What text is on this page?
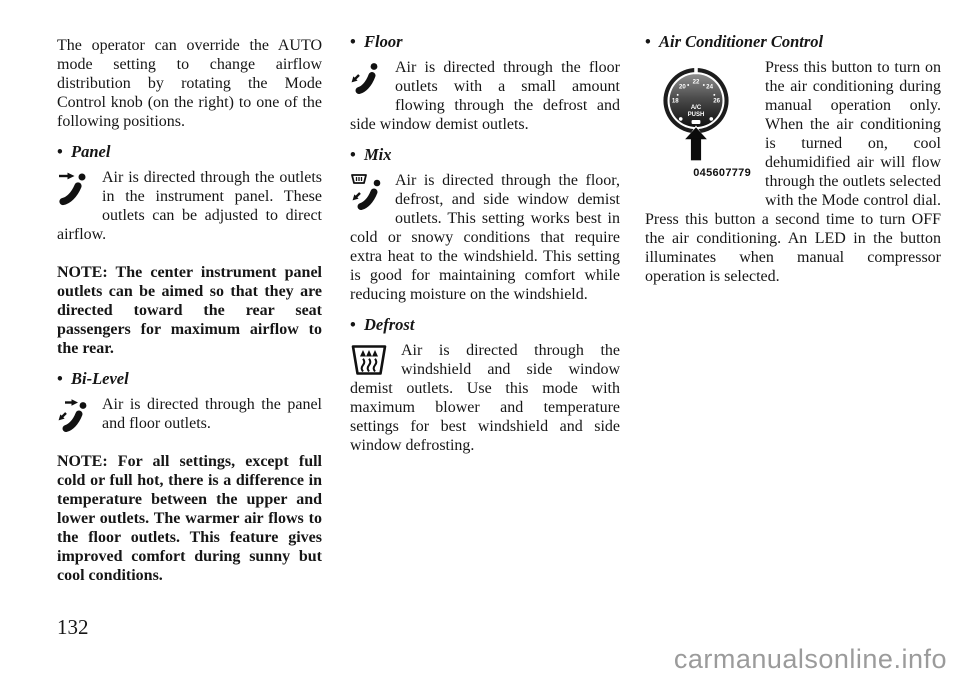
The operator can override the AUTO mode setting to change airflow distribution by rotating the Mode Control knob (on the right) to one of the following positions.

• Panel

Air is directed through the outlets in the instrument panel. These outlets can be adjusted to direct airflow.

NOTE: The center instrument panel outlets can be aimed so that they are directed toward the rear seat passengers for maximum airflow to the rear.

• Bi-Level

Air is directed through the panel and floor outlets.

NOTE: For all settings, except full cold or full hot, there is a difference in temperature between the upper and lower outlets. The warmer air flows to the floor outlets. This feature gives improved comfort during sunny but cool conditions.

• Floor

Air is directed through the floor outlets with a small amount flowing through the defrost and side window demist outlets.

• Mix

Air is directed through the floor, defrost, and side window demist outlets. This setting works best in cold or snowy conditions that require extra heat to the windshield. This setting is good for maintaining comfort while reducing moisture on the windshield.

• Defrost

Air is directed through the windshield and side window demist outlets. Use this mode with maximum blower and temperature settings for best windshield and side window defrosting.

• Air Conditioner Control

18
20
22
24
26
A/C
PUSH
045607779
Press this button to turn on the air conditioning during manual operation only. When the air conditioning is turned on, cool dehumidified air will flow through the outlets selected with the Mode control dial. Press this button a second time to turn OFF the air conditioning. An LED in the button illuminates when manual compressor operation is selected.

132
carmanualsonline.info
